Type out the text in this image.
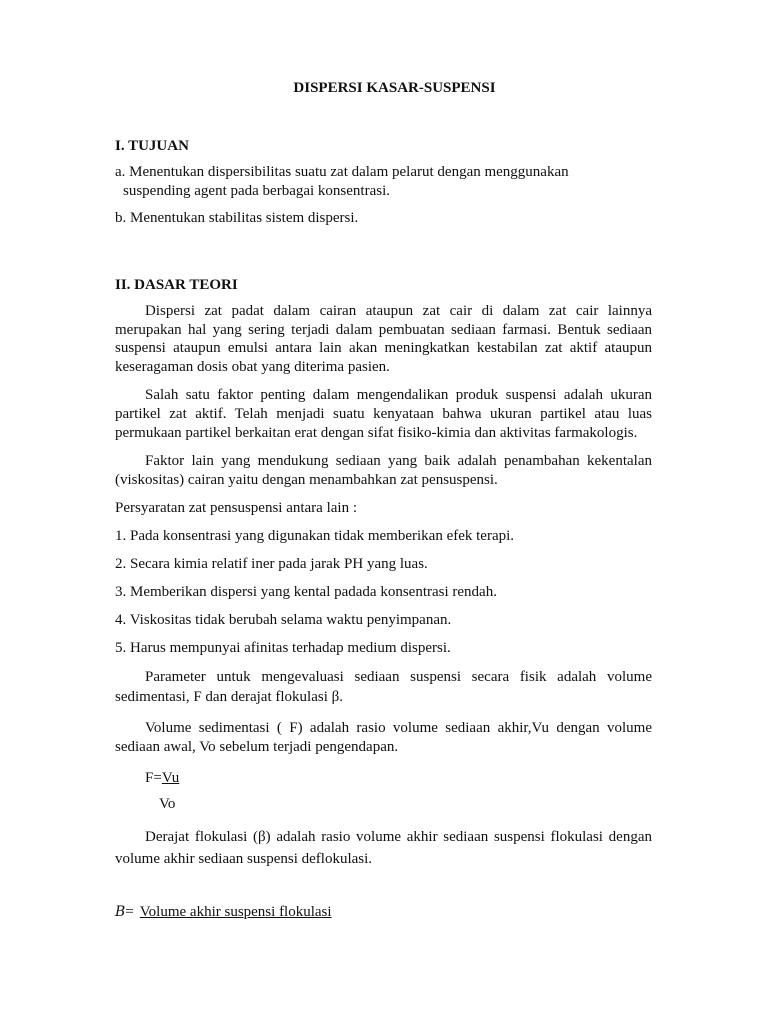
DISPERSI KASAR-SUSPENSI
I. TUJUAN
a. Menentukan dispersibilitas suatu zat dalam pelarut dengan menggunakan
suspending agent pada berbagai konsentrasi.
b. Menentukan stabilitas sistem dispersi.
II. DASAR TEORI

Dispersi zat padat dalam cairan ataupun zat cair di dalam zat cair lainnya merupakan hal yang sering terjadi dalam pembuatan sediaan farmasi. Bentuk sediaan suspensi ataupun emulsi antara lain akan meningkatkan kestabilan zat aktif ataupun keseragaman dosis obat yang diterima pasien.

Salah satu faktor penting dalam mengendalikan produk suspensi adalah ukuran partikel zat aktif. Telah menjadi suatu kenyataan bahwa ukuran partikel atau luas permukaan partikel berkaitan erat dengan sifat fisiko-kimia dan aktivitas farmakologis.

Faktor lain yang mendukung sediaan yang baik adalah penambahan kekentalan (viskositas) cairan yaitu dengan menambahkan zat pensuspensi.

Persyaratan zat pensuspensi antara lain :
1. Pada konsentrasi yang digunakan tidak memberikan efek terapi.
2. Secara kimia relatif iner pada jarak PH yang luas.
3. Memberikan dispersi yang kental padada konsentrasi rendah.
4. Viskositas tidak berubah selama waktu penyimpanan.
5. Harus mempunyai afinitas terhadap medium dispersi.

Parameter untuk mengevaluasi sediaan suspensi secara fisik adalah volume sedimentasi, F dan derajat flokulasi β.

Volume sedimentasi ( F) adalah rasio volume sediaan akhir,Vu dengan volume sediaan awal, Vo sebelum terjadi pengendapan.

F=Vu
Vo

Derajat flokulasi (β) adalah rasio volume akhir sediaan suspensi flokulasi dengan volume akhir sediaan suspensi deflokulasi.

B= Volume akhir suspensi flokulasi
